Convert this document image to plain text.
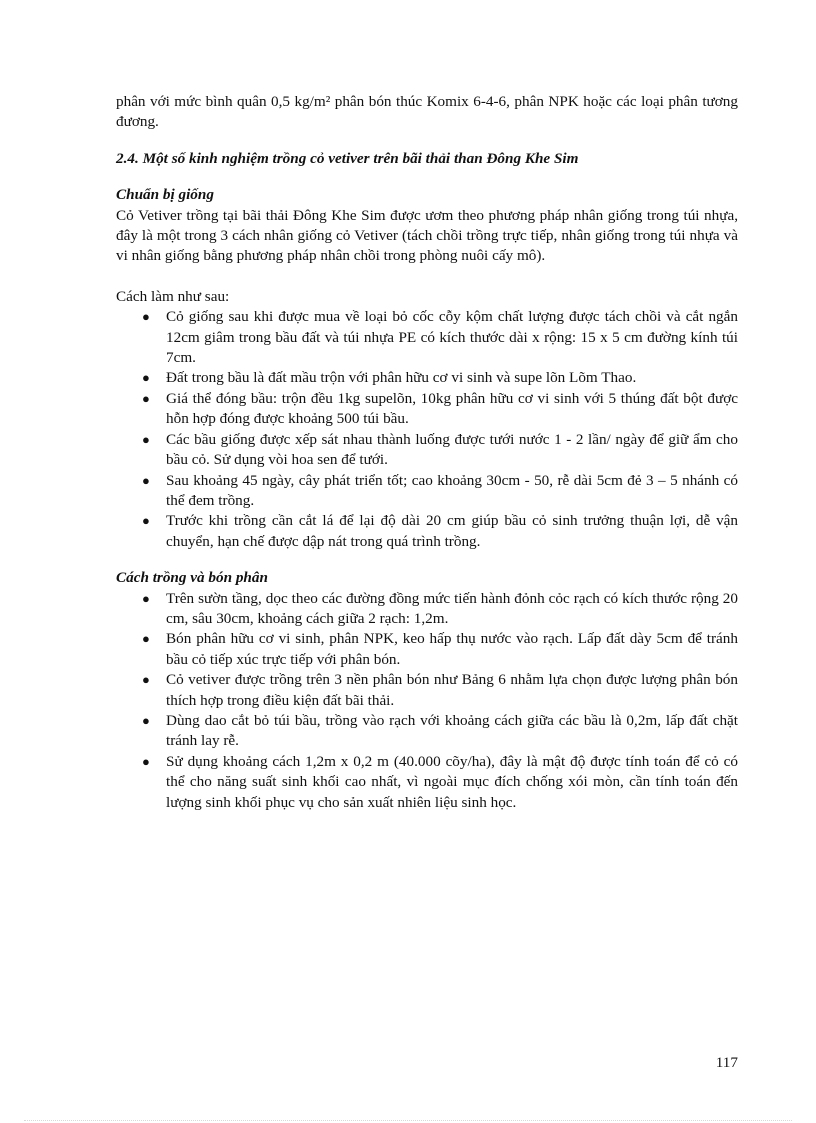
phân với mức bình quân 0,5 kg/m² phân bón thúc Komix 6-4-6, phân NPK hoặc các loại phân tương đương.

2.4. Một số kinh nghiệm trồng cỏ vetiver trên bãi thải than Đông Khe Sim

Chuẩn bị giống

Cỏ Vetiver trồng tại bãi thải Đông Khe Sim được ươm theo phương pháp nhân giống trong túi nhựa, đây là một trong 3 cách nhân giống cỏ Vetiver (tách chồi trồng trực tiếp, nhân giống trong túi nhựa và vi nhân giống bằng phương pháp nhân chồi trong phòng nuôi cấy mô).

Cách làm như sau:

● Cỏ giống sau khi được mua về loại bỏ cốc cỗy kộm chất lượng được tách chồi và cắt ngắn 12cm giâm trong bầu đất và túi nhựa PE có kích thước dài x rộng: 15 x 5 cm đường kính túi 7cm.
● Đất trong bầu là đất mầu trộn với phân hữu cơ vi sinh và supe lõn Lõm Thao.
● Giá thể đóng bầu: trộn đều 1kg supelõn, 10kg phân hữu cơ vi sinh với 5 thúng đất bột được hỗn hợp đóng được khoảng 500 túi bầu.
● Các bầu giống được xếp sát nhau thành luống được tưới nước 1 - 2 lần/ ngày để giữ ẩm cho bầu cỏ. Sử dụng vòi hoa sen để tưới.
● Sau khoảng 45 ngày, cây phát triển tốt; cao khoảng 30cm - 50, rễ dài 5cm đẻ 3 – 5 nhánh có thể đem trồng.
● Trước khi trồng cần cắt lá để lại độ dài 20 cm giúp bầu cỏ sinh trưởng thuận lợi, dễ vận chuyển, hạn chế được dập nát trong quá trình trồng.

Cách trồng và bón phân

● Trên sườn tầng, dọc theo các đường đồng mức tiến hành đỏnh cỏc rạch có kích thước rộng 20 cm, sâu 30cm, khoảng cách giữa 2 rạch: 1,2m.
● Bón phân hữu cơ vi sinh, phân NPK, keo hấp thụ nước vào rạch. Lấp đất dày 5cm để tránh bầu cỏ tiếp xúc trực tiếp với phân bón.
● Cỏ vetiver được trồng trên 3 nền phân bón như Bảng 6 nhằm lựa chọn được lượng phân bón thích hợp trong điều kiện đất bãi thải.
● Dùng dao cắt bỏ túi bầu, trồng vào rạch với khoảng cách giữa các bầu là 0,2m, lấp đất chặt tránh lay rễ.
● Sử dụng khoảng cách 1,2m x 0,2 m (40.000 cõy/ha), đây là mật độ được tính toán để cỏ có thể cho năng suất sinh khối cao nhất, vì ngoài mục đích chống xói mòn, cần tính toán đến lượng sinh khối phục vụ cho sản xuất nhiên liệu sinh học.
117
